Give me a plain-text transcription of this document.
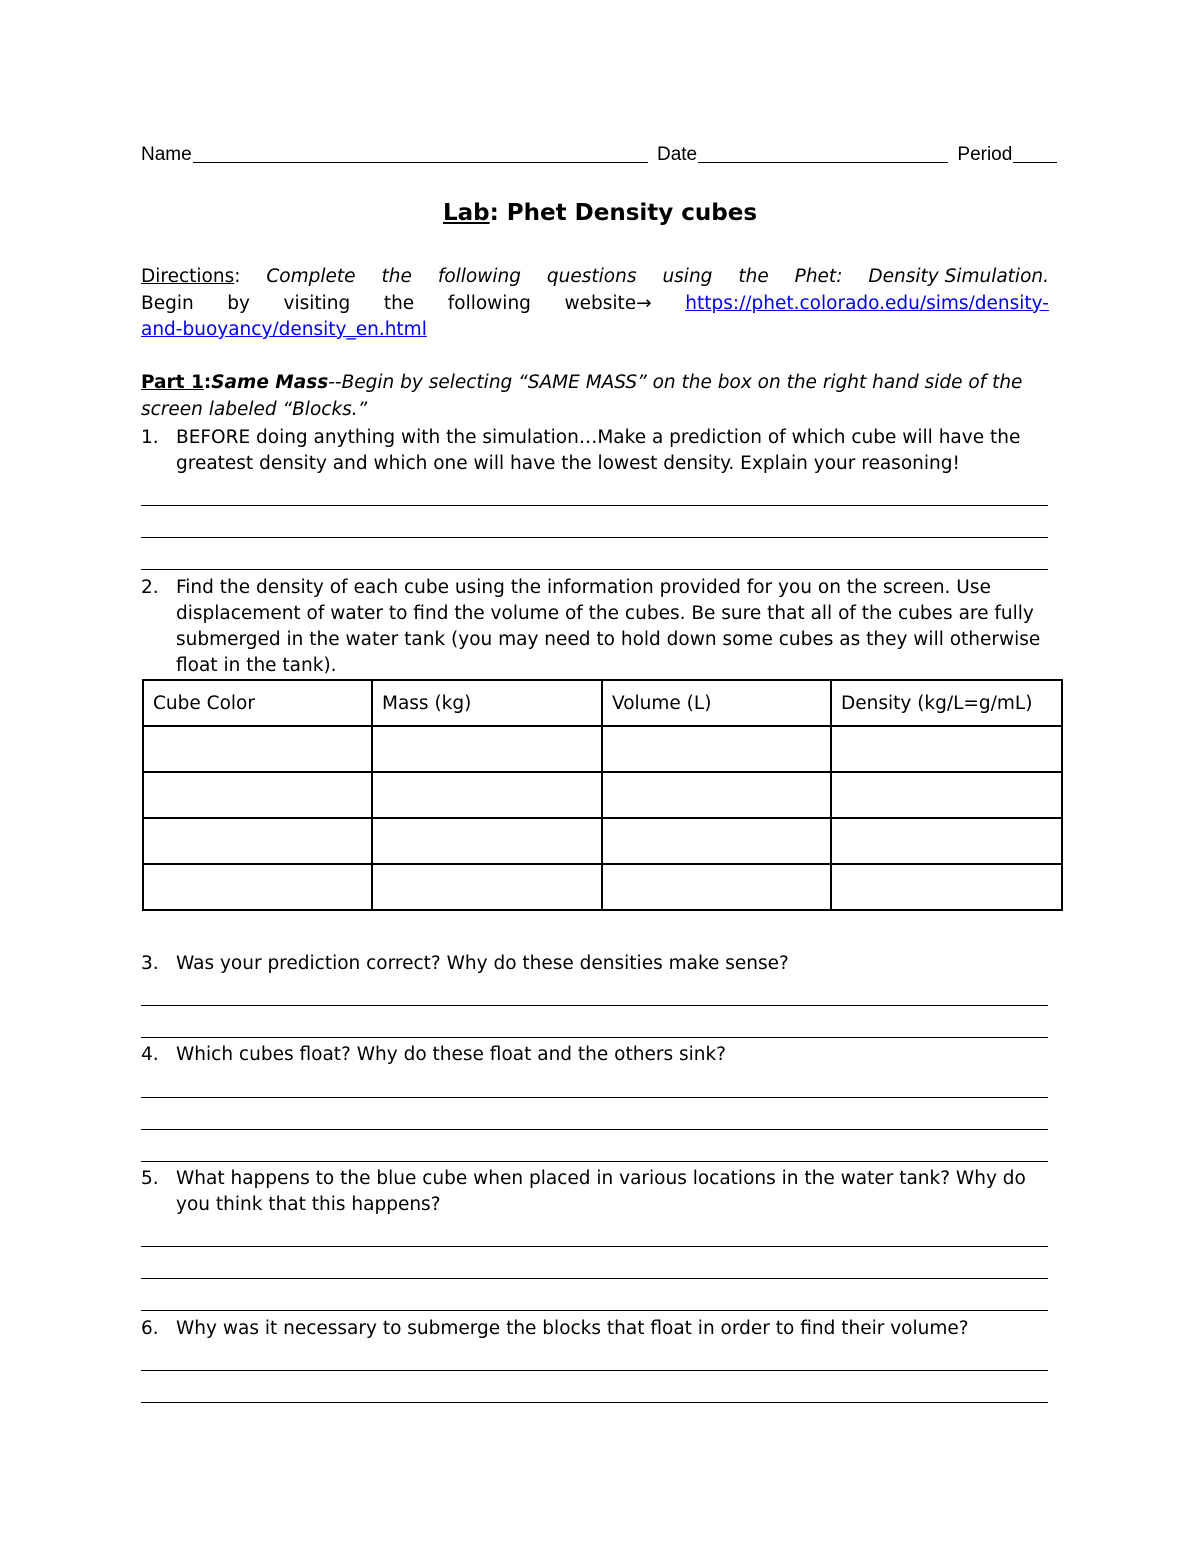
Name	Date	Period
Lab: Phet Density cubes
Directions: Complete the following questions using the Phet: Density Simulation.
Begin by visiting the following website→ https://phet.colorado.edu/sims/density-
and-buoyancy/density_en.html
Part 1:Same Mass--Begin by selecting “SAME MASS” on the box on the right hand side of the screen labeled “Blocks.”
1. BEFORE doing anything with the simulation…Make a prediction of which cube will have the greatest density and which one will have the lowest density. Explain your reasoning!
2. Find the density of each cube using the information provided for you on the screen. Use displacement of water to find the volume of the cubes. Be sure that all of the cubes are fully submerged in the water tank (you may need to hold down some cubes as they will otherwise float in the tank).
Cube Color	Mass (kg)	Volume (L)	Density (kg/L=g/mL)

3. Was your prediction correct? Why do these densities make sense?
4. Which cubes float? Why do these float and the others sink?
5. What happens to the blue cube when placed in various locations in the water tank? Why do you think that this happens?
6. Why was it necessary to submerge the blocks that float in order to find their volume?
